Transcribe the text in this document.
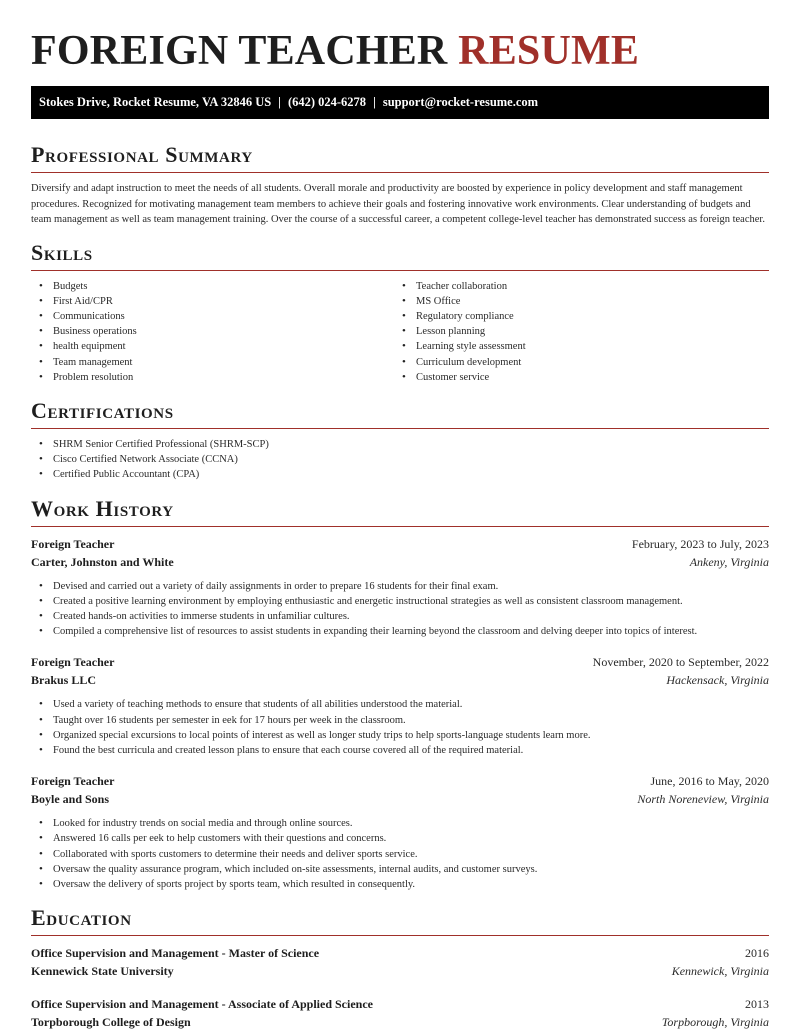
FOREIGN TEACHER RESUME
Stokes Drive, Rocket Resume, VA 32846 US | (642) 024-6278 | support@rocket-resume.com
Professional Summary

Diversify and adapt instruction to meet the needs of all students. Overall morale and productivity are boosted by experience in policy development and staff management procedures. Recognized for motivating management team members to achieve their goals and fostering innovative work environments. Clear understanding of budgets and team management as well as team management training. Over the course of a successful career, a competent college-level teacher has demonstrated success as foreign teacher.

Skills
• Budgets
• First Aid/CPR
• Communications
• Business operations
• health equipment
• Team management
• Problem resolution
• Teacher collaboration
• MS Office
• Regulatory compliance
• Lesson planning
• Learning style assessment
• Curriculum development
• Customer service
Certifications
• SHRM Senior Certified Professional (SHRM-SCP)
• Cisco Certified Network Associate (CCNA)
• Certified Public Accountant (CPA)
Work History
Foreign Teacher	February, 2023 to July, 2023
Carter, Johnston and White	Ankeny, Virginia
• Devised and carried out a variety of daily assignments in order to prepare 16 students for their final exam.
• Created a positive learning environment by employing enthusiastic and energetic instructional strategies as well as consistent classroom management.
• Created hands-on activities to immerse students in unfamiliar cultures.
• Compiled a comprehensive list of resources to assist students in expanding their learning beyond the classroom and delving deeper into topics of interest.
Foreign Teacher	November, 2020 to September, 2022
Brakus LLC	Hackensack, Virginia
• Used a variety of teaching methods to ensure that students of all abilities understood the material.
• Taught over 16 students per semester in eek for 17 hours per week in the classroom.
• Organized special excursions to local points of interest as well as longer study trips to help sports-language students learn more.
• Found the best curricula and created lesson plans to ensure that each course covered all of the required material.
Foreign Teacher	June, 2016 to May, 2020
Boyle and Sons	North Noreneview, Virginia
• Looked for industry trends on social media and through online sources.
• Answered 16 calls per eek to help customers with their questions and concerns.
• Collaborated with sports customers to determine their needs and deliver sports service.
• Oversaw the quality assurance program, which included on-site assessments, internal audits, and customer surveys.
• Oversaw the delivery of sports project by sports team, which resulted in consequently.
Education
Office Supervision and Management - Master of Science	2016
Kennewick State University	Kennewick, Virginia
Office Supervision and Management - Associate of Applied Science	2013
Torpborough College of Design	Torpborough, Virginia
